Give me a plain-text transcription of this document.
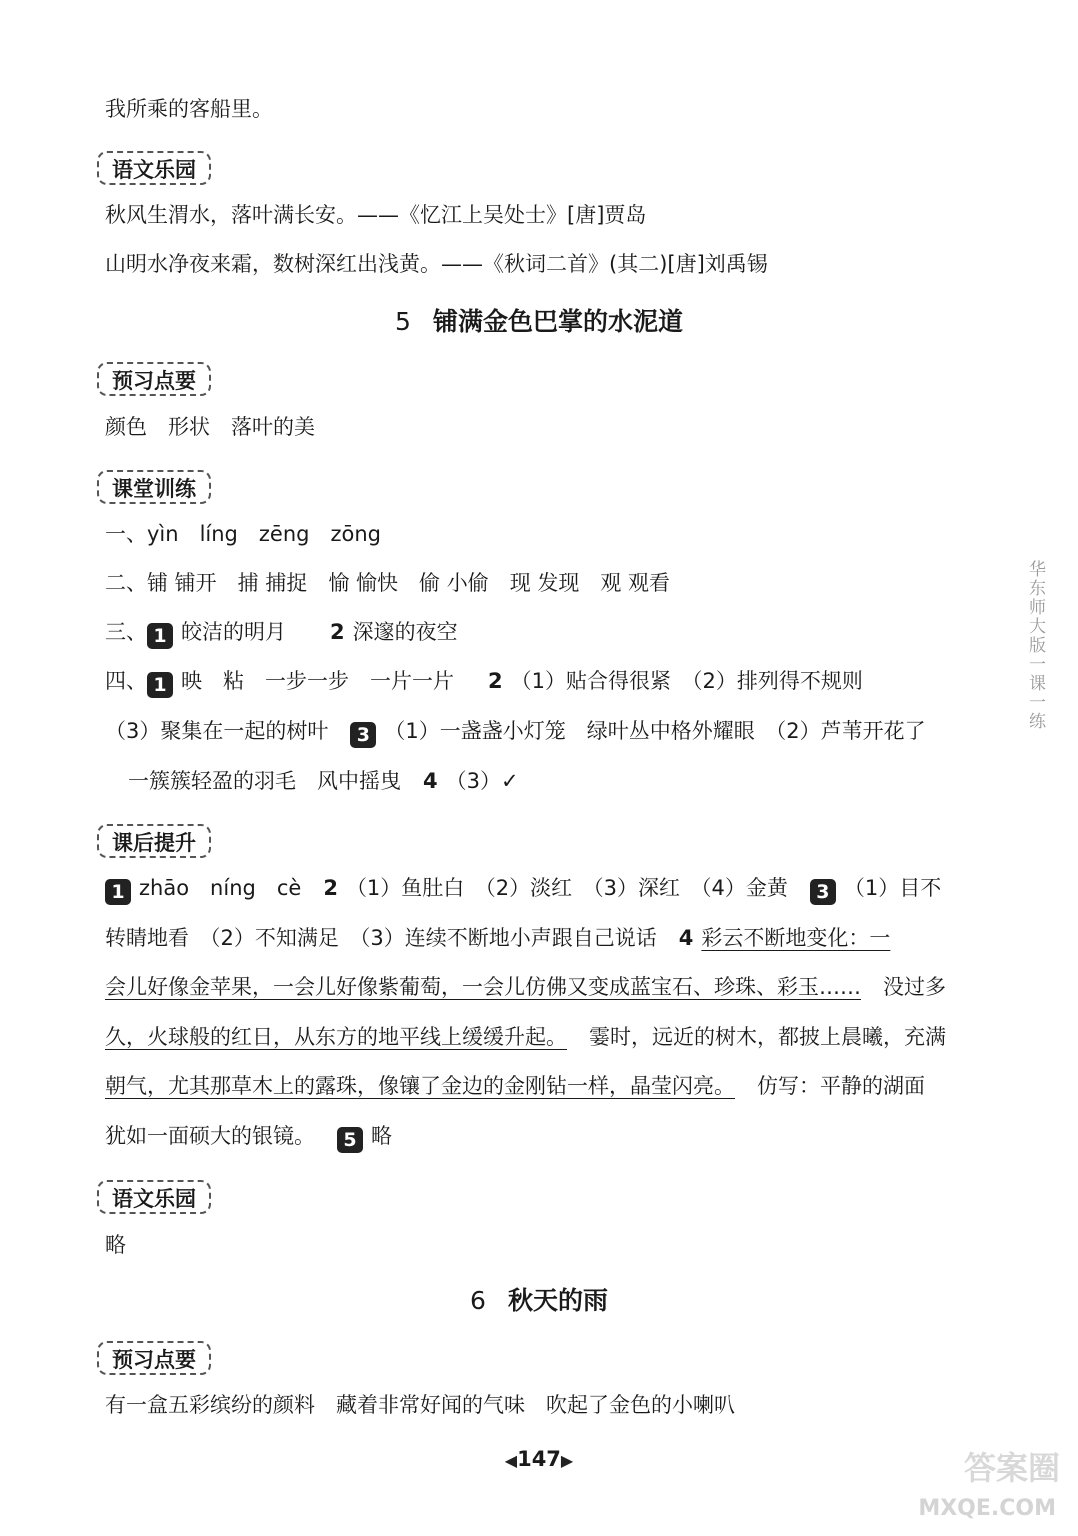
我所乘的客船里。
语文乐园
秋风生渭水，落叶满长安。——《忆江上吴处士》[唐]贾岛
山明水净夜来霜，数树深红出浅黄。——《秋词二首》(其二)[唐]刘禹锡
5 铺满金色巴掌的水泥道
预习点要
颜色　形状　落叶的美
课堂训练
一、yìn　líng　zēng　zōng
二、铺 铺开　捕 捕捉　愉 愉快　偷 小偷　现 发现　观 观看
三、 1 皎洁的明月 2 深邃的夜空
四、 1 映　粘　一步一步　一片一片 2 （1）贴合得很紧　（2）排列得不规则
（3）聚集在一起的树叶 3 （1）一盏盏小灯笼　绿叶丛中格外耀眼　（2）芦苇开花了
一簇簇轻盈的羽毛　风中摇曳 4 （3）✓
课后提升
1 zhāo　níng　cè 2 （1）鱼肚白　（2）淡红　（3）深红　（4）金黄 3 （1）目不
转睛地看　（2）不知满足　（3）连续不断地小声跟自己说话 4 彩云不断地变化：一
会儿好像金苹果，一会儿好像紫葡萄，一会儿仿佛又变成蓝宝石、珍珠、彩玉…… 没过多
久，火球般的红日，从东方的地平线上缓缓升起。 霎时，远近的树木，都披上晨曦，充满
朝气，尤其那草木上的露珠，像镶了金边的金刚钻一样，晶莹闪亮。 仿写：平静的湖面
犹如一面硕大的银镜。 5 略
语文乐园
略
6 秋天的雨
预习点要
有一盒五彩缤纷的颜料　藏着非常好闻的气味　吹起了金色的小喇叭
华东师大版一课一练
◀147▶	答案圈
MXQE.COM
